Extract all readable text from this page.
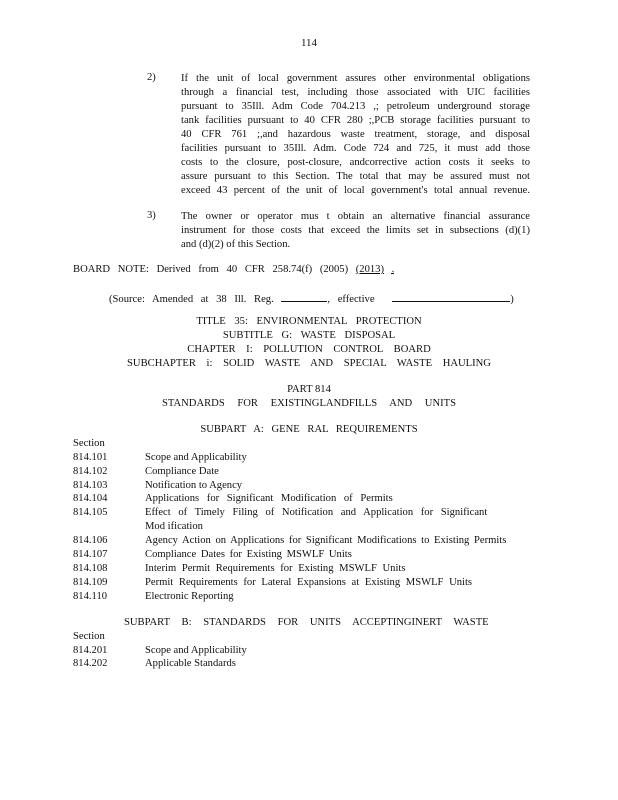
114
2) If the unit of local government assures other environmental obligations
through a financial test, including those associated with UIC facilities
pursuant to 35Ill. Adm Code 704.213 ,; petroleum underground storage
tank facilities pursuant to 40 CFR 280 ;,PCB storage facilities pursuant to
40 CFR 761 ;,and hazardous waste treatment, storage, and disposal
facilities pursuant to 35Ill. Adm. Code 724 and 725, it must add those
costs to the closure, post-closure, andcorrective action costs it seeks to
assure pursuant to this Section. The total that may be assured must not
exceed 43 percent of the unit of local government's total annual revenue.
3) The owner or operator mus t obtain an alternative financial assurance
instrument for those costs that exceed the limits set in subsections (d)(1)
and (d)(2) of this Section.
BOARD NOTE: Derived from 40 CFR 258.74(f) (2005) (2013) .
(Source: Amended at 38 Ill. Reg.	, effective	)
TITLE 35: ENVIRONMENTAL PROTECTION
SUBTITLE G: WASTE DISPOSAL
CHAPTER I: POLLUTION CONTROL BOARD
SUBCHAPTER i: SOLID WASTE AND SPECIAL WASTE HAULING
PART 814
STANDARDS FOR EXISTINGLANDFILLS AND UNITS
SUBPART A: GENE RAL REQUIREMENTS
Section
814.101	Scope and Applicability
814.102	Compliance Date
814.103	Notification to Agency
814.104	Applications for Significant Modification of Permits
814.105	Effect of Timely Filing of Notification and Application for Significant
Mod ification
814.106	Agency Action on Applications for Significant Modifications to Existing Permits
814.107	Compliance Dates for Existing MSWLF Units
814.108	Interim Permit Requirements for Existing MSWLF Units
814.109	Permit Requirements for Lateral Expansions at Existing MSWLF Units
814.110	Electronic Reporting
SUBPART B: STANDARDS FOR UNITS ACCEPTINGINERT WASTE
Section
814.201	Scope and Applicability
814.202	Applicable Standards
